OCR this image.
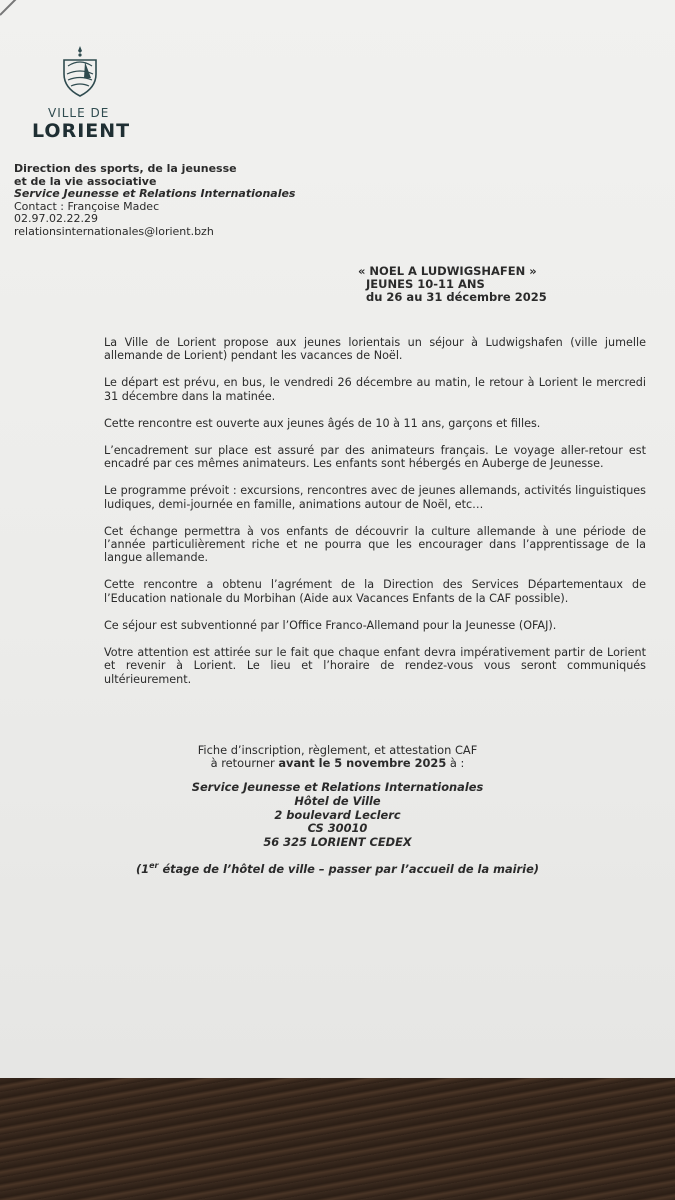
VILLE DE
LORIENT
Direction des sports, de la jeunesse
et de la vie associative
Service Jeunesse et Relations Internationales
Contact : Françoise Madec
02.97.02.22.29
relationsinternationales@lorient.bzh
« NOEL A LUDWIGSHAFEN »
JEUNES 10-11 ANS
du 26 au 31 décembre 2025

La Ville de Lorient propose aux jeunes lorientais un séjour à Ludwigshafen (ville jumelle allemande de Lorient) pendant les vacances de Noël.

Le départ est prévu, en bus, le vendredi 26 décembre au matin, le retour à Lorient le mercredi 31 décembre dans la matinée.

Cette rencontre est ouverte aux jeunes âgés de 10 à 11 ans, garçons et filles.

L’encadrement sur place est assuré par des animateurs français. Le voyage aller-retour est encadré par ces mêmes animateurs. Les enfants sont hébergés en Auberge de Jeunesse.

Le programme prévoit : excursions, rencontres avec de jeunes allemands, activités linguistiques ludiques, demi-journée en famille, animations autour de Noël, etc…

Cet échange permettra à vos enfants de découvrir la culture allemande à une période de l’année particulièrement riche et ne pourra que les encourager dans l’apprentissage de la langue allemande.

Cette rencontre a obtenu l’agrément de la Direction des Services Départementaux de l’Education nationale du Morbihan (Aide aux Vacances Enfants de la CAF possible).

Ce séjour est subventionné par l’Office Franco-Allemand pour la Jeunesse (OFAJ).

Votre attention est attirée sur le fait que chaque enfant devra impérativement partir de Lorient et revenir à Lorient. Le lieu et l’horaire de rendez-vous vous seront communiqués ultérieurement.

Fiche d’inscription, règlement, et attestation CAF
à retourner avant le 5 novembre 2025 à :
Service Jeunesse et Relations Internationales
Hôtel de Ville
2 boulevard Leclerc
CS 30010
56 325 LORIENT CEDEX
(1er étage de l’hôtel de ville – passer par l’accueil de la mairie)
